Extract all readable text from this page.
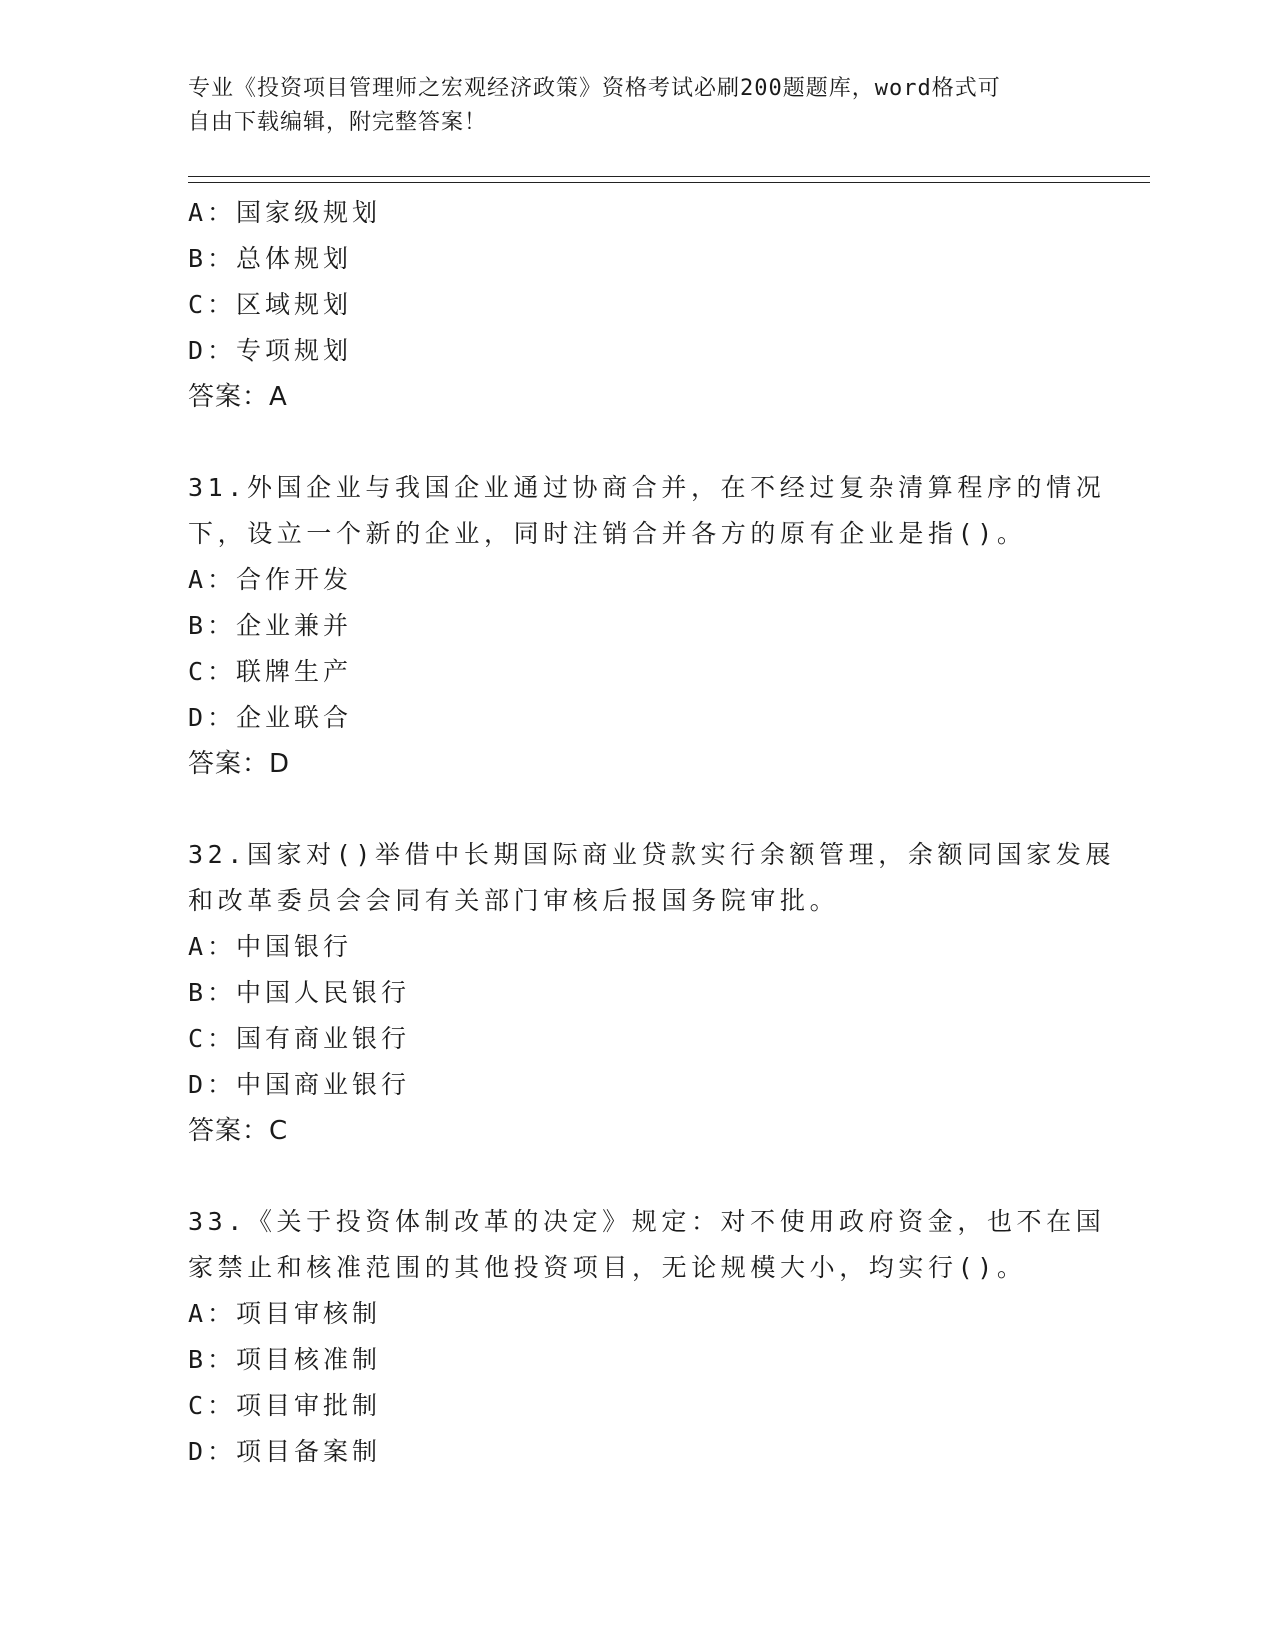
专业《投资项目管理师之宏观经济政策》资格考试必刷200题题库，word格式可
自由下载编辑，附完整答案！
A：国家级规划
B：总体规划
C：区域规划
D：专项规划
答案：A
31.外国企业与我国企业通过协商合并，在不经过复杂清算程序的情况
下，设立一个新的企业，同时注销合并各方的原有企业是指()。
A：合作开发
B：企业兼并
C：联牌生产
D：企业联合
答案：D
32.国家对()举借中长期国际商业贷款实行余额管理，余额同国家发展
和改革委员会会同有关部门审核后报国务院审批。
A：中国银行
B：中国人民银行
C：国有商业银行
D：中国商业银行
答案：C
33.《关于投资体制改革的决定》规定：对不使用政府资金，也不在国
家禁止和核准范围的其他投资项目，无论规模大小，均实行()。
A：项目审核制
B：项目核准制
C：项目审批制
D：项目备案制
